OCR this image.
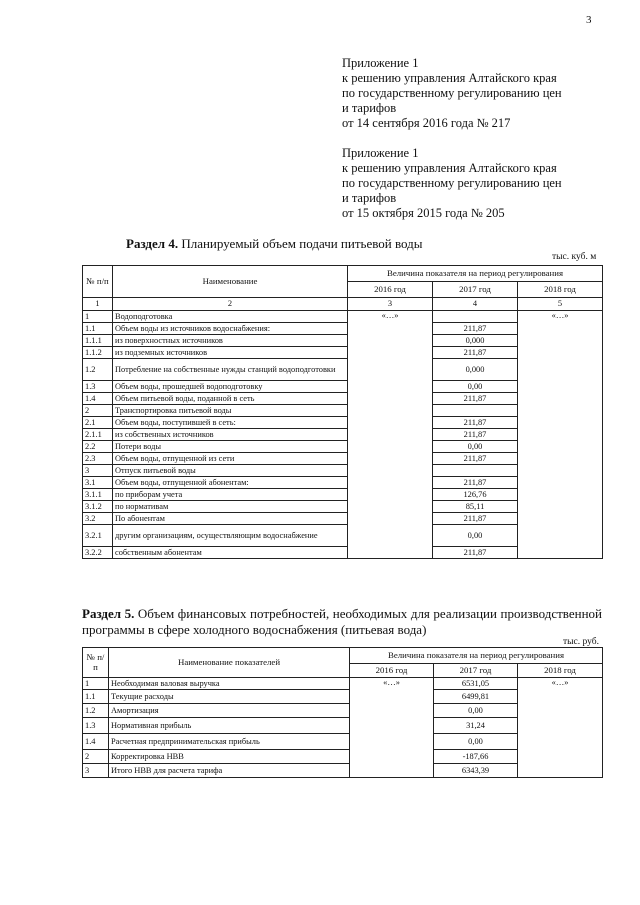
3
Приложение 1
к решению управления Алтайского края
по государственному регулированию цен
и тарифов
от 14 сентября 2016 года № 217
Приложение 1
к решению управления Алтайского края
по государственному регулированию цен
и тарифов
от 15 октября 2015 года № 205
Раздел 4. Планируемый объем подачи питьевой воды
тыс. куб. м
№ п/п	Наименование	Величина показателя на период регулирования		
		2016 год	2017 год	2018 год
1	2	3	4	5
1	Водоподготовка	«…»		«…»
1.1	Объем воды из источников водоснабжения:		211,87	
1.1.1	из поверхностных источников		0,000	
1.1.2	из подземных источников		211,87	
1.2	Потребление на собственные нужды станций водоподготовки		0,000	
1.3	Объем воды, прошедшей водоподготовку		0,00	
1.4	Объем питьевой воды, поданной в сеть		211,87	
2	Транспортировка питьевой воды			
2.1	Объем воды, поступившей в сеть:		211,87	
2.1.1	из собственных источников		211,87	
2.2	Потери воды		0,00	
2.3	Объем воды, отпущенной из сети		211,87	
3	Отпуск питьевой воды			
3.1	Объем воды, отпущенной абонентам:		211,87	
3.1.1	по приборам учета		126,76	
3.1.2	по нормативам		85,11	
3.2	По абонентам		211,87	
3.2.1	другим организациям, осуществляющим водоснабжение		0,00	
3.2.2	собственным абонентам		211,87	
Раздел 5. Объем финансовых потребностей, необходимых для реализации производственной программы в сфере холодного водоснабжения (питьевая вода)
тыс. руб.
№ п/п	Наименование показателей	Величина показателя на период регулирования		
		2016 год	2017 год	2018 год
1	Необходимая валовая выручка	«…»	6531,05	«…»
1.1	Текущие расходы		6499,81	
1.2	Амортизация		0,00	
1.3	Нормативная прибыль		31,24	
1.4	Расчетная предпринимательская прибыль		0,00	
2	Корректировка НВВ		-187,66	
3	Итого НВВ для расчета тарифа		6343,39	
